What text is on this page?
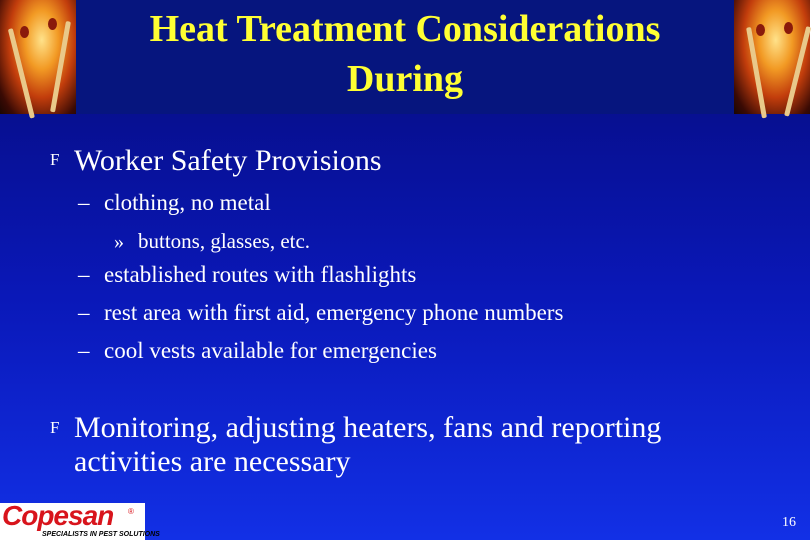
Heat Treatment Considerations
During
F Worker Safety Provisions
– clothing, no metal
» buttons, glasses, etc.
– established routes with flashlights
– rest area with first aid, emergency phone numbers
– cool vests available for emergencies
F Monitoring, adjusting heaters, fans and reporting activities are necessary
Copesan ®
SPECIALISTS IN PEST SOLUTIONS
16
